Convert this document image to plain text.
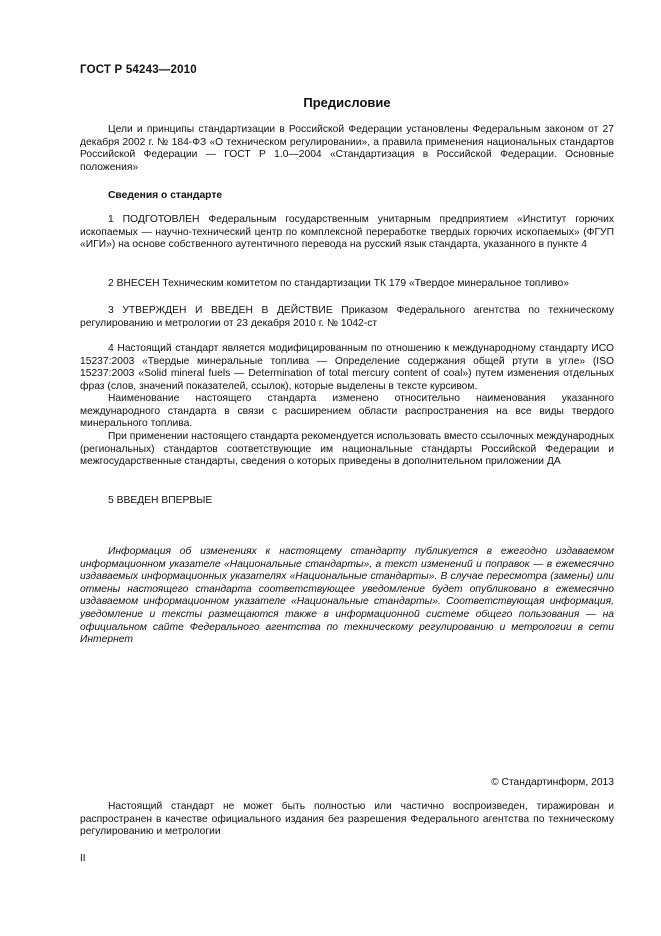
ГОСТ Р 54243—2010
Предисловие

Цели и принципы стандартизации в Российской Федерации установлены Федеральным законом от 27 декабря 2002 г. № 184-ФЗ «О техническом регулировании», а правила применения национальных стандартов Российской Федерации — ГОСТ Р 1.0—2004 «Стандартизация в Российской Федерации. Основные положения»

Сведения о стандарте

1 ПОДГОТОВЛЕН Федеральным государственным унитарным предприятием «Институт горючих ископаемых — научно-технический центр по комплексной переработке твердых горючих ископаемых» (ФГУП «ИГИ») на основе собственного аутентичного перевода на русский язык стандарта, указанного в пункте 4

2 ВНЕСЕН Техническим комитетом по стандартизации ТК 179 «Твердое минеральное топливо»

3 УТВЕРЖДЕН И ВВЕДЕН В ДЕЙСТВИЕ Приказом Федерального агентства по техническому регулированию и метрологии от 23 декабря 2010 г. № 1042-ст

4 Настоящий стандарт является модифицированным по отношению к международному стандарту ИСО 15237:2003 «Твердые минеральные топлива — Определение содержания общей ртути в угле» (ISO 15237:2003 «Solid mineral fuels — Determination of total mercury content of coal») путем изменения отдельных фраз (слов, значений показателей, ссылок), которые выделены в тексте курсивом.

Наименование настоящего стандарта изменено относительно наименования указанного международного стандарта в связи с расширением области распространения на все виды твердого минерального топлива.

При применении настоящего стандарта рекомендуется использовать вместо ссылочных международных (региональных) стандартов соответствующие им национальные стандарты Российской Федерации и межгосударственные стандарты, сведения о которых приведены в дополнительном приложении ДА

5 ВВЕДЕН ВПЕРВЫЕ

Информация об изменениях к настоящему стандарту публикуется в ежегодно издаваемом информационном указателе «Национальные стандарты», а текст изменений и поправок — в ежемесячно издаваемых информационных указателях «Национальные стандарты». В случае пересмотра (замены) или отмены настоящего стандарта соответствующее уведомление будет опубликовано в ежемесячно издаваемом информационном указателе «Национальные стандарты». Соответствующая информация, уведомление и тексты размещаются также в информационной системе общего пользования — на официальном сайте Федерального агентства по техническому регулированию и метрологии в сети Интернет

© Стандартинформ, 2013

Настоящий стандарт не может быть полностью или частично воспроизведен, тиражирован и распространен в качестве официального издания без разрешения Федерального агентства по техническому регулированию и метрологии

II
